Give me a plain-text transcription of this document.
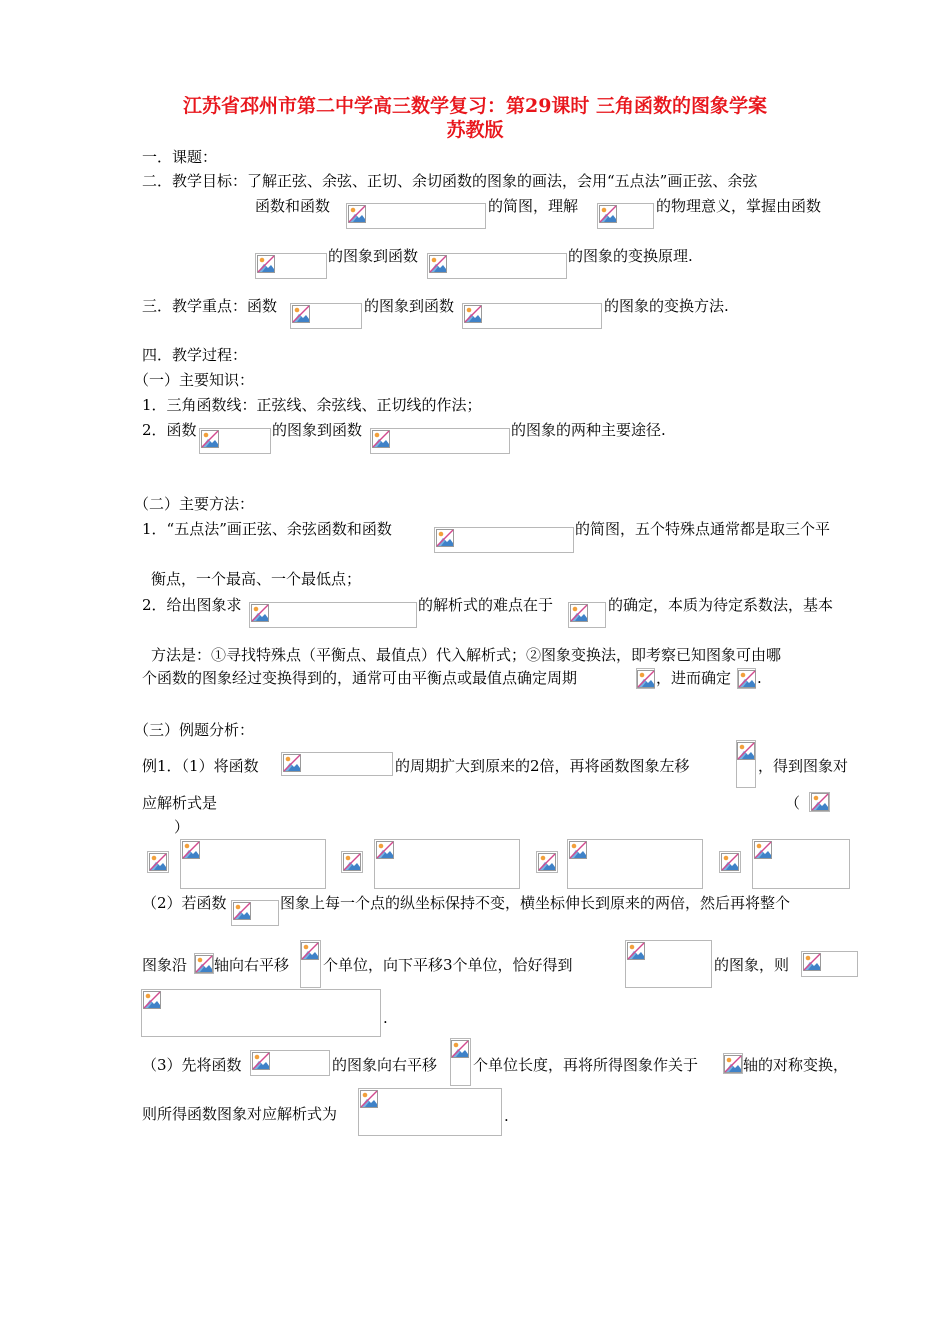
江苏省邳州市第二中学高三数学复习：第29课时 三角函数的图象学案
苏教版
一．课题：
二．教学目标：了解正弦、余弦、正切、余切函数的图象的画法，会用“五点法”画正弦、余弦
函数和函数	的简图，理解	的物理意义，掌握由函数
的图象到函数	的图象的变换原理.
三．教学重点：函数	的图象到函数	的图象的变换方法.
四．教学过程：
（一）主要知识：
1．三角函数线：正弦线、余弦线、正切线的作法；
2．函数	的图象到函数	的图象的两种主要途径.
（二）主要方法：
1．“五点法”画正弦、余弦函数和函数	的简图，五个特殊点通常都是取三个平
衡点，一个最高、一个最低点；
2．给出图象求	的解析式的难点在于	的确定，本质为待定系数法，基本
方法是：①寻找特殊点（平衡点、最值点）代入解析式；②图象变换法，即考察已知图象可由哪
个函数的图象经过变换得到的，通常可由平衡点或最值点确定周期	，进而确定 .
（三）例题分析：
例1．（1）将函数	的周期扩大到原来的2倍，再将函数图象左移	，得到图象对
应解析式是	（
）
（2）若函数	图象上每一个点的纵坐标保持不变，横坐标伸长到原来的两倍，然后再将整个
图象沿 轴向右平移 个单位，向下平移3个单位，恰好得到	的图象，则
.
（3）先将函数	的图象向右平移 个单位长度，再将所得图象作关于	轴的对称变换，
则所得函数图象对应解析式为	.
